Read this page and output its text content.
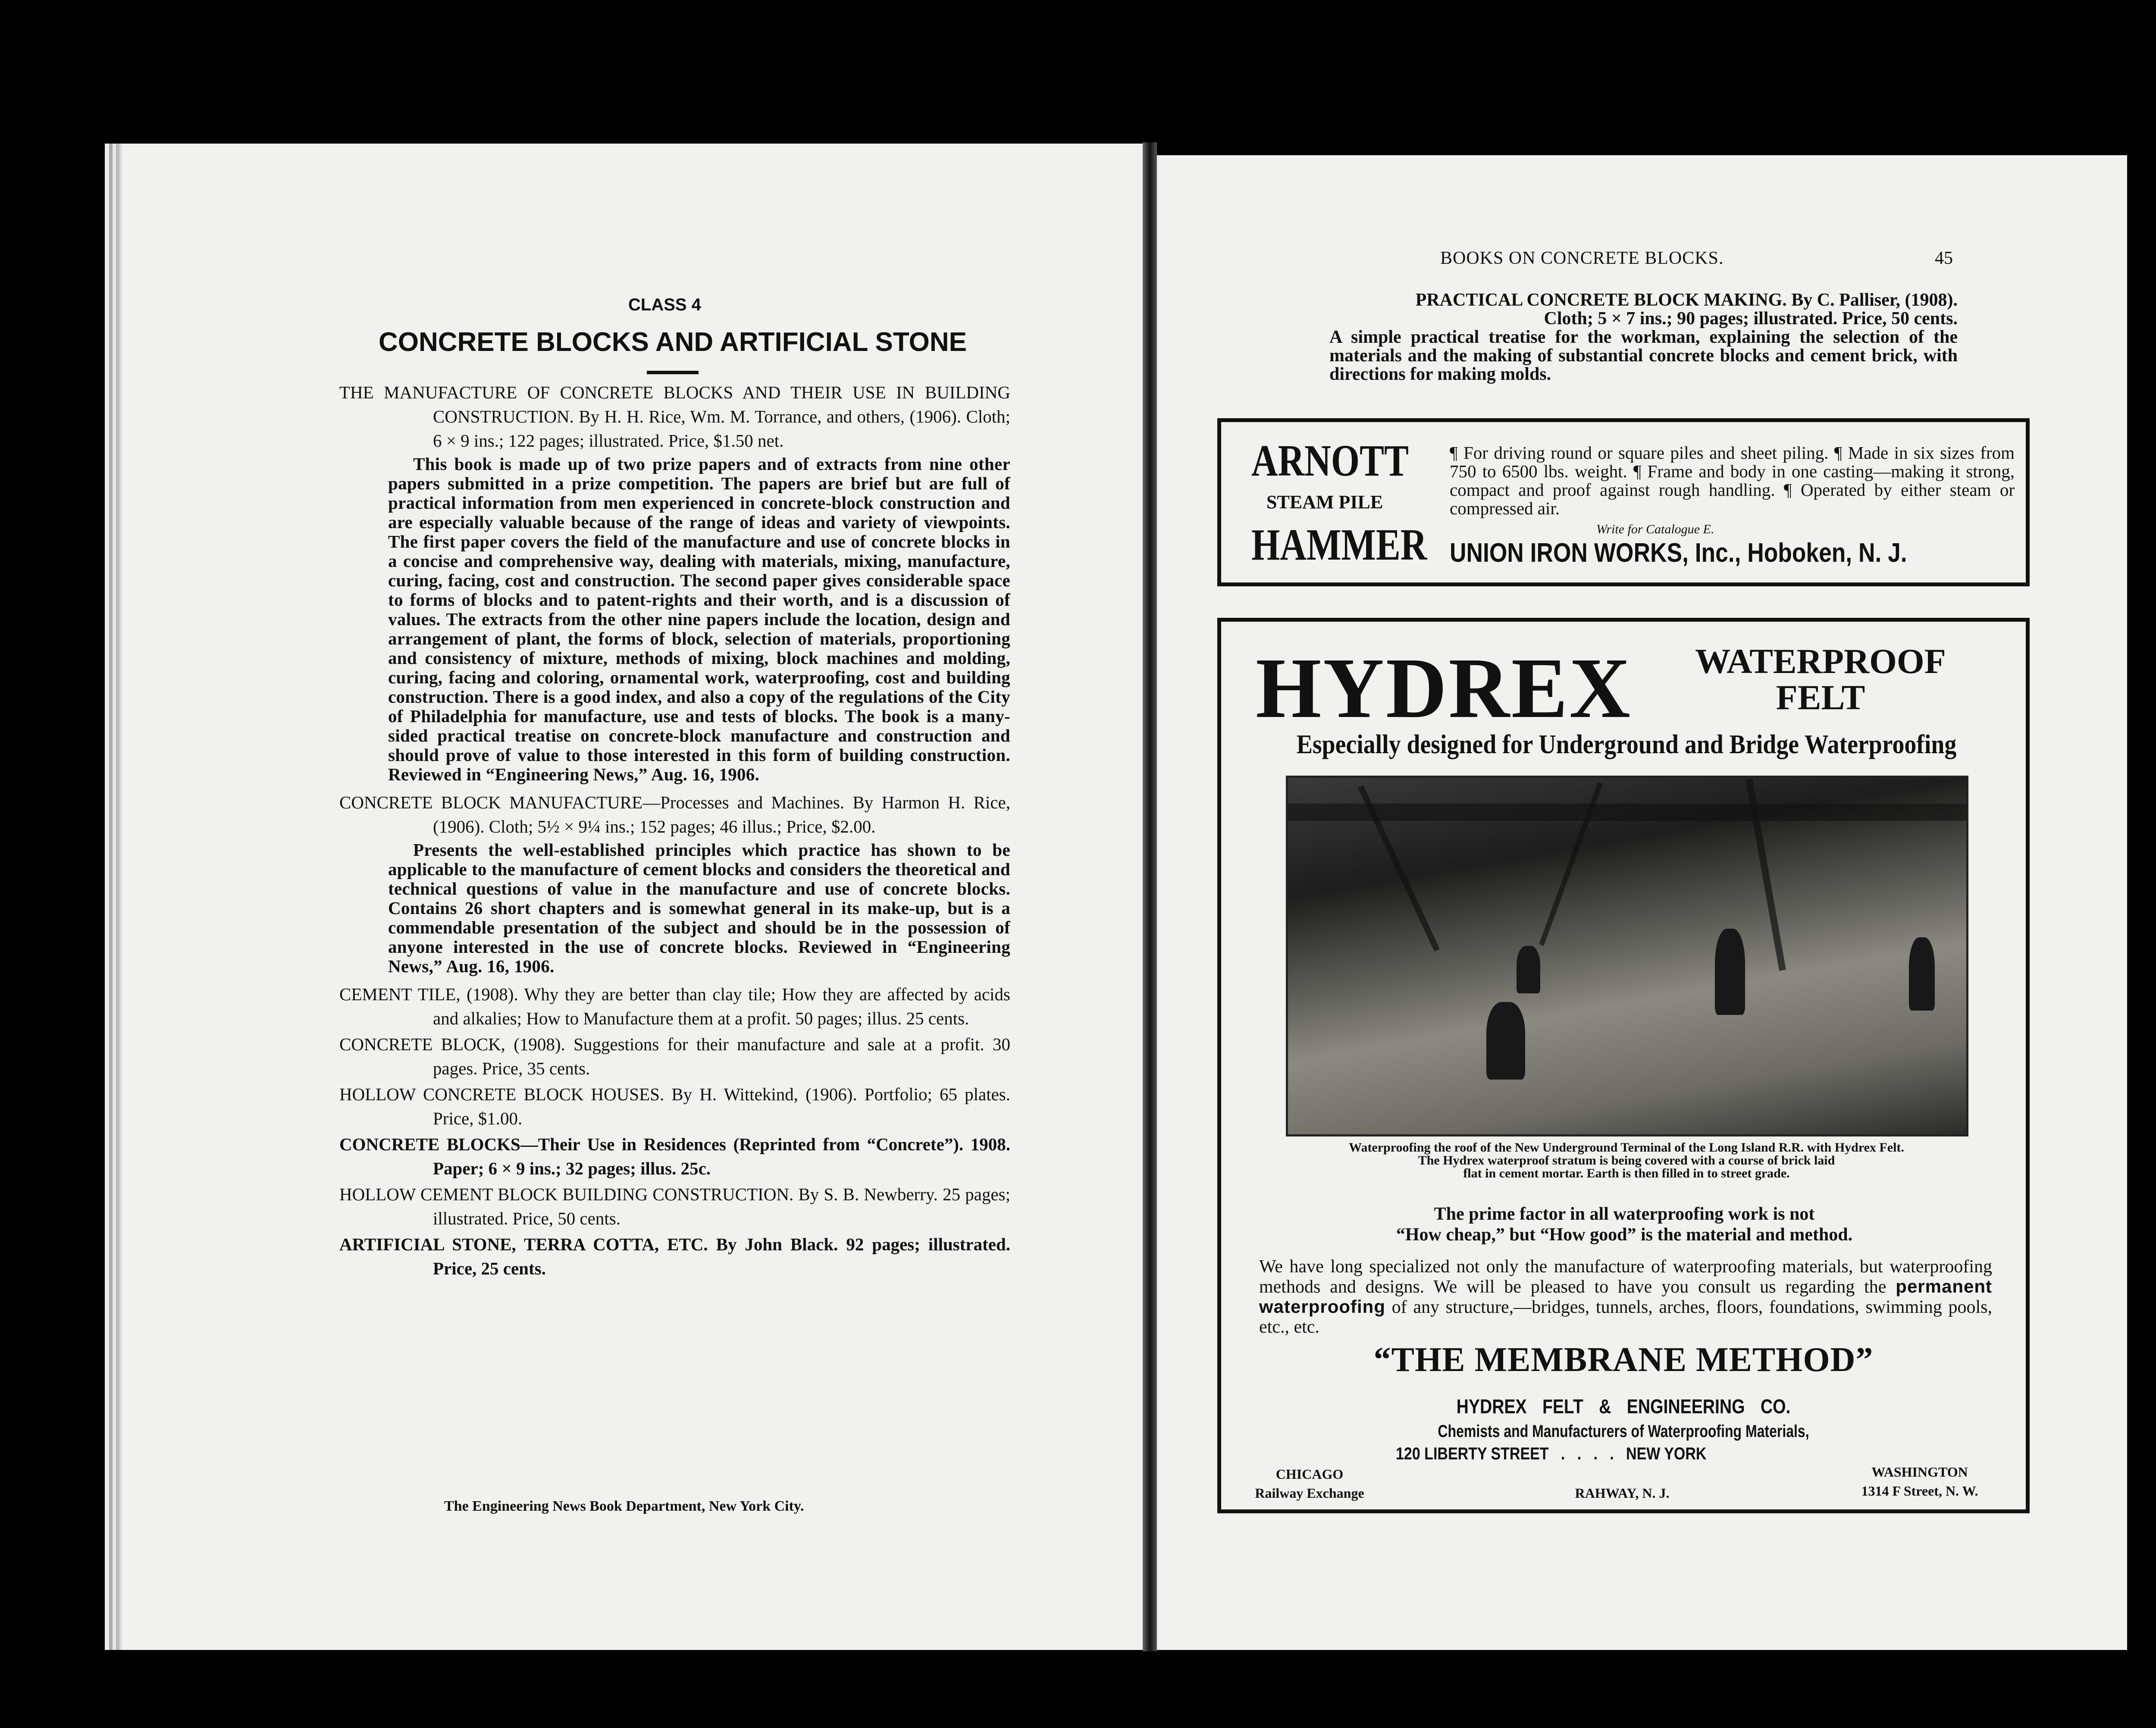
CLASS 4
CONCRETE BLOCKS AND ARTIFICIAL STONE
THE MANUFACTURE OF CONCRETE BLOCKS AND THEIR USE IN BUILDING CONSTRUCTION. By H. H. Rice, Wm. M. Torrance, and others, (1906). Cloth; 6 × 9 ins.; 122 pages; illustrated. Price, $1.50 net.
This book is made up of two prize papers and of extracts from nine other papers submitted in a prize competition. The papers are brief but are full of practical information from men experienced in concrete-block construction and are especially valuable because of the range of ideas and variety of viewpoints. The first paper covers the field of the manufacture and use of concrete blocks in a concise and comprehensive way, dealing with materials, mixing, manufacture, curing, facing, cost and construction. The second paper gives considerable space to forms of blocks and to patent-rights and their worth, and is a discussion of values. The extracts from the other nine papers include the location, design and arrangement of plant, the forms of block, selection of materials, proportioning and consistency of mixture, methods of mixing, block machines and molding, curing, facing and coloring, ornamental work, waterproofing, cost and building construction. There is a good index, and also a copy of the regulations of the City of Philadelphia for manufacture, use and tests of blocks. The book is a many-sided practical treatise on concrete-block manufacture and construction and should prove of value to those interested in this form of building construction. Reviewed in “Engineering News,” Aug. 16, 1906.
CONCRETE BLOCK MANUFACTURE—Processes and Machines. By Harmon H. Rice, (1906). Cloth; 5½ × 9¼ ins.; 152 pages; 46 illus.; Price, $2.00.
Presents the well-established principles which practice has shown to be applicable to the manufacture of cement blocks and considers the theoretical and technical questions of value in the manufacture and use of concrete blocks. Contains 26 short chapters and is somewhat general in its make-up, but is a commendable presentation of the subject and should be in the possession of anyone interested in the use of concrete blocks. Reviewed in “Engineering News,” Aug. 16, 1906.
CEMENT TILE, (1908). Why they are better than clay tile; How they are affected by acids and alkalies; How to Manufacture them at a profit. 50 pages; illus. 25 cents.
CONCRETE BLOCK, (1908). Suggestions for their manufacture and sale at a profit. 30 pages. Price, 35 cents.
HOLLOW CONCRETE BLOCK HOUSES. By H. Wittekind, (1906). Portfolio; 65 plates. Price, $1.00.
CONCRETE BLOCKS—Their Use in Residences (Reprinted from “Concrete”). 1908. Paper; 6 × 9 ins.; 32 pages; illus. 25c.
HOLLOW CEMENT BLOCK BUILDING CONSTRUCTION. By S. B. Newberry. 25 pages; illustrated. Price, 50 cents.
ARTIFICIAL STONE, TERRA COTTA, ETC. By John Black. 92 pages; illustrated. Price, 25 cents.
The Engineering News Book Department, New York City.
BOOKS ON CONCRETE BLOCKS.	45

PRACTICAL CONCRETE BLOCK MAKING. By C. Palliser, (1908).

Cloth; 5 × 7 ins.; 90 pages; illustrated. Price, 50 cents.

A simple practical treatise for the workman, explaining the selection of the materials and the making of substantial concrete blocks and cement brick, with directions for making molds.

ARNOTT
STEAM PILE
HAMMER
¶ For driving round or square piles and sheet piling. ¶ Made in six sizes from 750 to 6500 lbs. weight. ¶ Frame and body in one casting—making it strong, compact and proof against rough handling. ¶ Operated by either steam or compressed air.
Write for Catalogue E.
UNION IRON WORKS, Inc., Hoboken, N. J.
HYDREX	WATERPROOF
FELT
Especially designed for Underground and Bridge Waterproofing
Waterproofing the roof of the New Underground Terminal of the Long Island R.R. with Hydrex Felt.
The Hydrex waterproof stratum is being covered with a course of brick laid
flat in cement mortar. Earth is then filled in to street grade.
The prime factor in all waterproofing work is not
“How cheap,” but “How good” is the material and method.
We have long specialized not only the manufacture of waterproofing materials, but waterproofing methods and designs. We will be pleased to have you consult us regarding the permanent waterproofing of any structure,—bridges, tunnels, arches, floors, foundations, swimming pools, etc., etc.
“THE MEMBRANE METHOD”
HYDREX FELT & ENGINEERING CO.
Chemists and Manufacturers of Waterproofing Materials,
120 LIBERTY STREET   .   .   .   .   NEW YORK
CHICAGO
Railway Exchange	RAHWAY, N. J.
WASHINGTON
1314 F Street, N. W.
